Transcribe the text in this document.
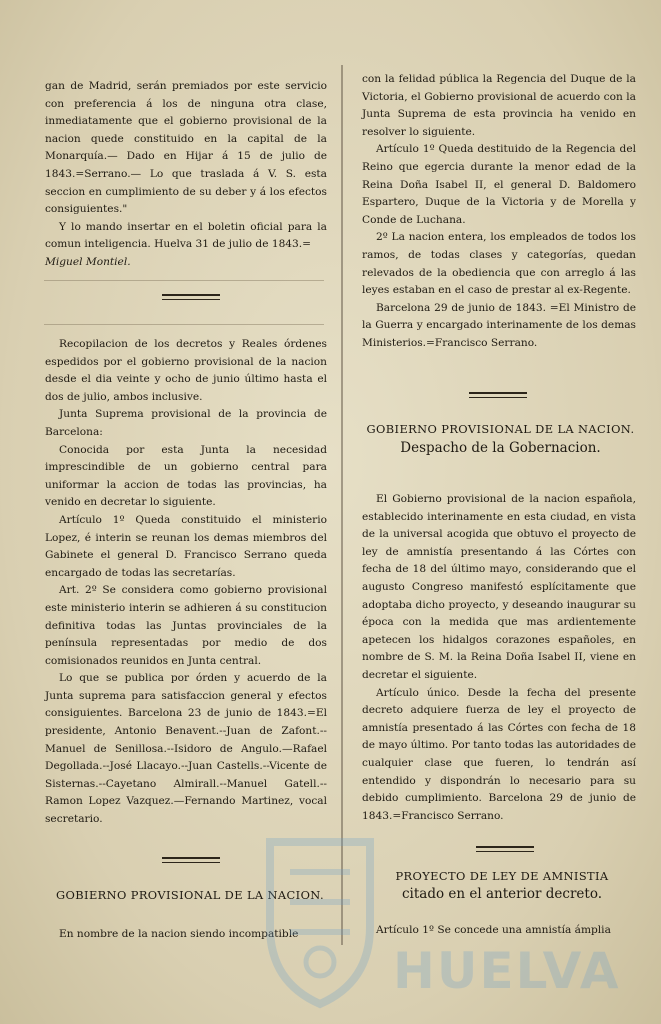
gan de Madrid, serán premiados por este servicio con preferencia á los de ninguna otra clase, inmediatamente que el gobierno provisional de la nacion quede constituido en la capital de la Monarquía.— Dado en Hijar á 15 de julio de 1843.=Serrano.— Lo que traslada á V. S. esta seccion en cumplimiento de su deber y á los efectos consiguientes."

Y lo mando insertar en el boletin oficial para la comun inteligencia. Huelva 31 de julio de 1843.=
Miguel Montiel.

Recopilacion de los decretos y Reales órdenes espedidos por el gobierno provisional de la nacion desde el dia veinte y ocho de junio último hasta el dos de julio, ambos inclusive.

Junta Suprema provisional de la provincia de Barcelona:

Conocida por esta Junta la necesidad imprescindible de un gobierno central para uniformar la accion de todas las provincias, ha venido en decretar lo siguiente.

Artículo 1º Queda constituido el ministerio Lopez, é interin se reunan los demas miembros del Gabinete el general D. Francisco Serrano queda encargado de todas las secretarías.

Art. 2º Se considera como gobierno provisional este ministerio interin se adhieren á su constitucion definitiva todas las Juntas provinciales de la península representadas por medio de dos comisionados reunidos en Junta central.

Lo que se publica por órden y acuerdo de la Junta suprema para satisfaccion general y efectos consiguientes. Barcelona 23 de junio de 1843.=El presidente, Antonio Benavent.--Juan de Zafont.--Manuel de Senillosa.--Isidoro de Angulo.—Rafael Degollada.--José Llacayo.--Juan Castells.--Vicente de Sisternas.--Cayetano Almirall.--Manuel Gatell.--Ramon Lopez Vazquez.—Fernando Martinez, vocal secretario.

GOBIERNO PROVISIONAL DE LA NACION.

En nombre de la nacion siendo incompatible

con la felidad pública la Regencia del Duque de la Victoria, el Gobierno provisional de acuerdo con la Junta Suprema de esta provincia ha venido en resolver lo siguiente.

Artículo 1º Queda destituido de la Regencia del Reino que egercia durante la menor edad de la Reina Doña Isabel II, el general D. Baldomero Espartero, Duque de la Victoria y de Morella y Conde de Luchana.

2º La nacion entera, los empleados de todos los ramos, de todas clases y categorías, quedan relevados de la obediencia que con arreglo á las leyes estaban en el caso de prestar al ex-Regente.

Barcelona 29 de junio de 1843. =El Ministro de la Guerra y encargado interinamente de los demas Ministerios.=Francisco Serrano.

GOBIERNO PROVISIONAL DE LA NACION.
Despacho de la Gobernacion.

El Gobierno provisional de la nacion española, establecido interinamente en esta ciudad, en vista de la universal acogida que obtuvo el proyecto de ley de amnistía presentando á las Córtes con fecha de 18 del último mayo, considerando que el augusto Congreso manifestó esplícitamente que adoptaba dicho proyecto, y deseando inaugurar su época con la medida que mas ardientemente apetecen los hidalgos corazones españoles, en nombre de S. M. la Reina Doña Isabel II, viene en decretar el siguiente.

Artículo único. Desde la fecha del presente decreto adquiere fuerza de ley el proyecto de amnistía presentado á las Córtes con fecha de 18 de mayo último. Por tanto todas las autoridades de cualquier clase que fueren, lo tendrán así entendido y dispondrán lo necesario para su debido cumplimiento. Barcelona 29 de junio de 1843.=Francisco Serrano.

PROYECTO DE LEY DE AMNISTIA
citado en el anterior decreto.

Artículo 1º Se concede una amnistía ámplia

HUELVA
